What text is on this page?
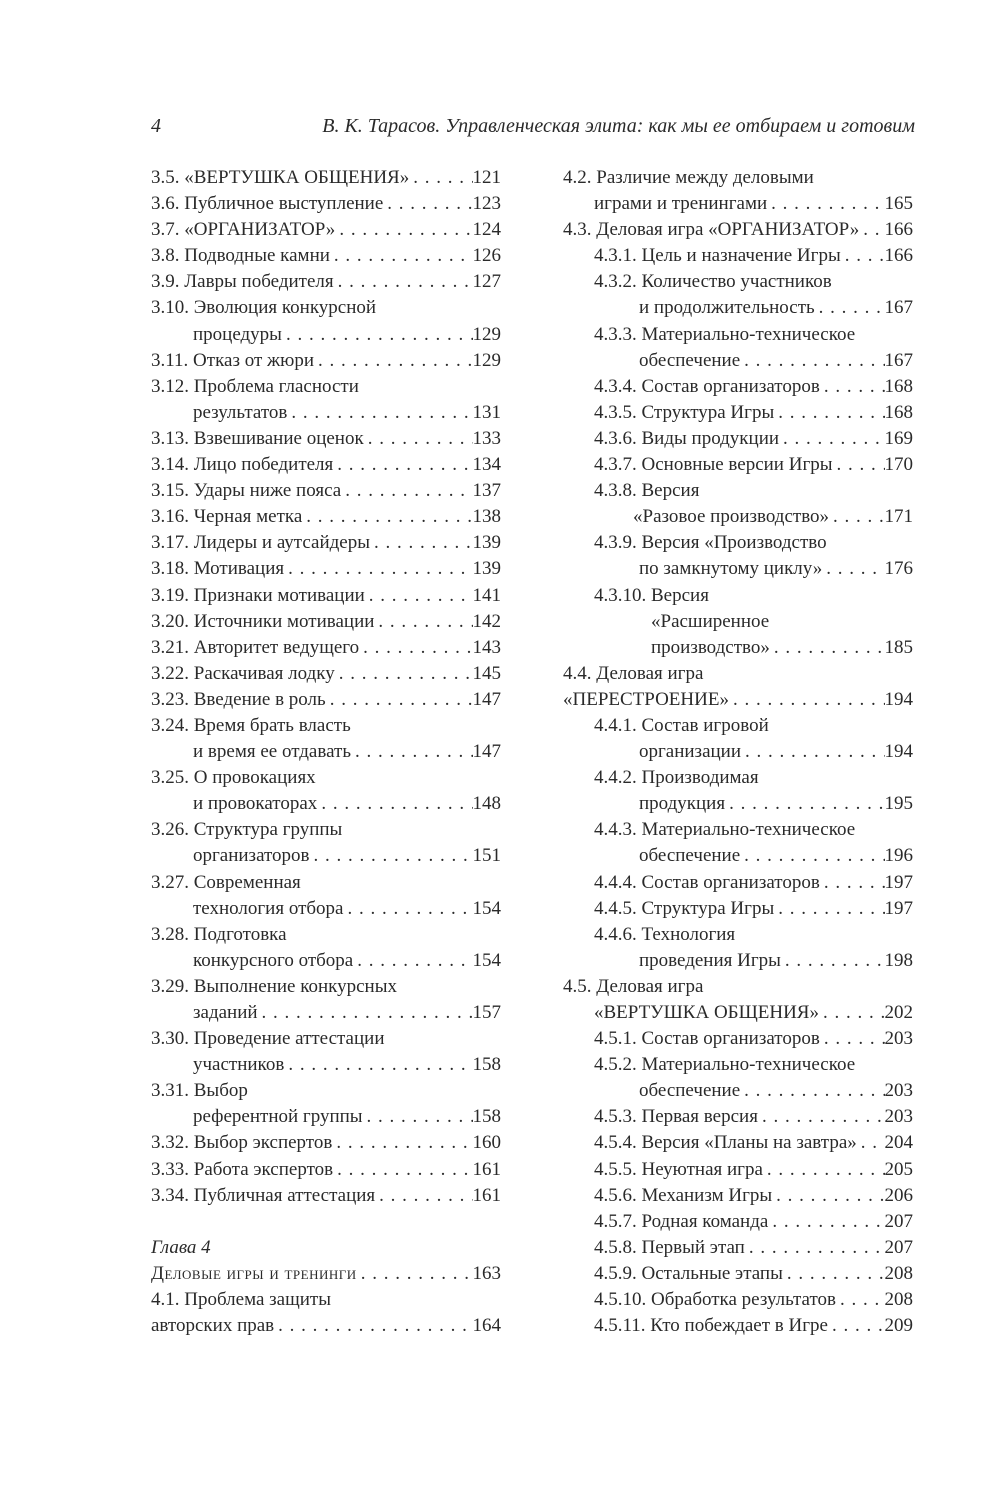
4	В. К. Тарасов. Управленческая элита: как мы ее отбираем и готовим
3.5. «ВЕРТУШКА ОБЩЕНИЯ» . . .	121
3.6. Публичное выступление . . .	123
3.7. «ОРГАНИЗАТОР» . . .	124
3.8. Подводные камни . . .	126
3.9. Лавры победителя . . .	127
3.10. Эволюция конкурсной
процедуры . . .	129
3.11. Отказ от жюри . . .	129
3.12. Проблема гласности
результатов . . .	131
3.13. Взвешивание оценок . . .	133
3.14. Лицо победителя . . .	134
3.15. Удары ниже пояса . . .	137
3.16. Черная метка . . .	138
3.17. Лидеры и аутсайдеры . . .	139
3.18. Мотивация . . .	139
3.19. Признаки мотивации . . .	141
3.20. Источники мотивации . . .	142
3.21. Авторитет ведущего . . .	143
3.22. Раскачивая лодку . . .	145
3.23. Введение в роль . . .	147
3.24. Время брать власть
и время ее отдавать . . .	147
3.25. О провокациях
и провокаторах . . .	148
3.26. Структура группы
организаторов . . .	151
3.27. Современная
технология отбора . . .	154
3.28. Подготовка
конкурсного отбора . . .	154
3.29. Выполнение конкурсных
заданий . . .	157
3.30. Проведение аттестации
участников . . .	158
3.31. Выбор
референтной группы . . .	158
3.32. Выбор экспертов . . .	160
3.33. Работа экспертов . . .	161
3.34. Публичная аттестация . . .	161
Глава 4
Деловые игры и тренинги . . .	163
4.1. Проблема защиты
авторских прав . . .	164
4.2. Различие между деловыми
играми и тренингами . . .	165
4.3. Деловая игра «ОРГАНИЗАТОР» . . . 166
4.3.1. Цель и назначение Игры . . . 166
4.3.2. Количество участников
и продолжительность . . .	167
4.3.3. Материально-техническое
обеспечение . . .	167
4.3.4. Состав организаторов . . .	168
4.3.5. Структура Игры . . .	168
4.3.6. Виды продукции . . .	169
4.3.7. Основные версии Игры . . .	170
4.3.8. Версия
«Разовое производство» . . .	171
4.3.9. Версия «Производство
по замкнутому циклу» . . .	176
4.3.10. Версия
«Расширенное
производство» . . .	185
4.4. Деловая игра
«ПЕРЕСТРОЕНИЕ» . . .	194
4.4.1. Состав игровой
организации . . .	194
4.4.2. Производимая
продукция . . .	195
4.4.3. Материально-техническое
обеспечение . . .	196
4.4.4. Состав организаторов . . .	197
4.4.5. Структура Игры . . .	197
4.4.6. Технология
проведения Игры . . .	198
4.5. Деловая игра
«ВЕРТУШКА ОБЩЕНИЯ» . . .	202
4.5.1. Состав организаторов . . .	203
4.5.2. Материально-техническое
обеспечение . . .	203
4.5.3. Первая версия . . .	203
4.5.4. Версия «Планы на завтра» . . . 204
4.5.5. Неуютная игра . . .	205
4.5.6. Механизм Игры . . .	206
4.5.7. Родная команда . . .	207
4.5.8. Первый этап . . .	207
4.5.9. Остальные этапы . . .	208
4.5.10. Обработка результатов . . .	208
4.5.11. Кто побеждает в Игре . . .	209
